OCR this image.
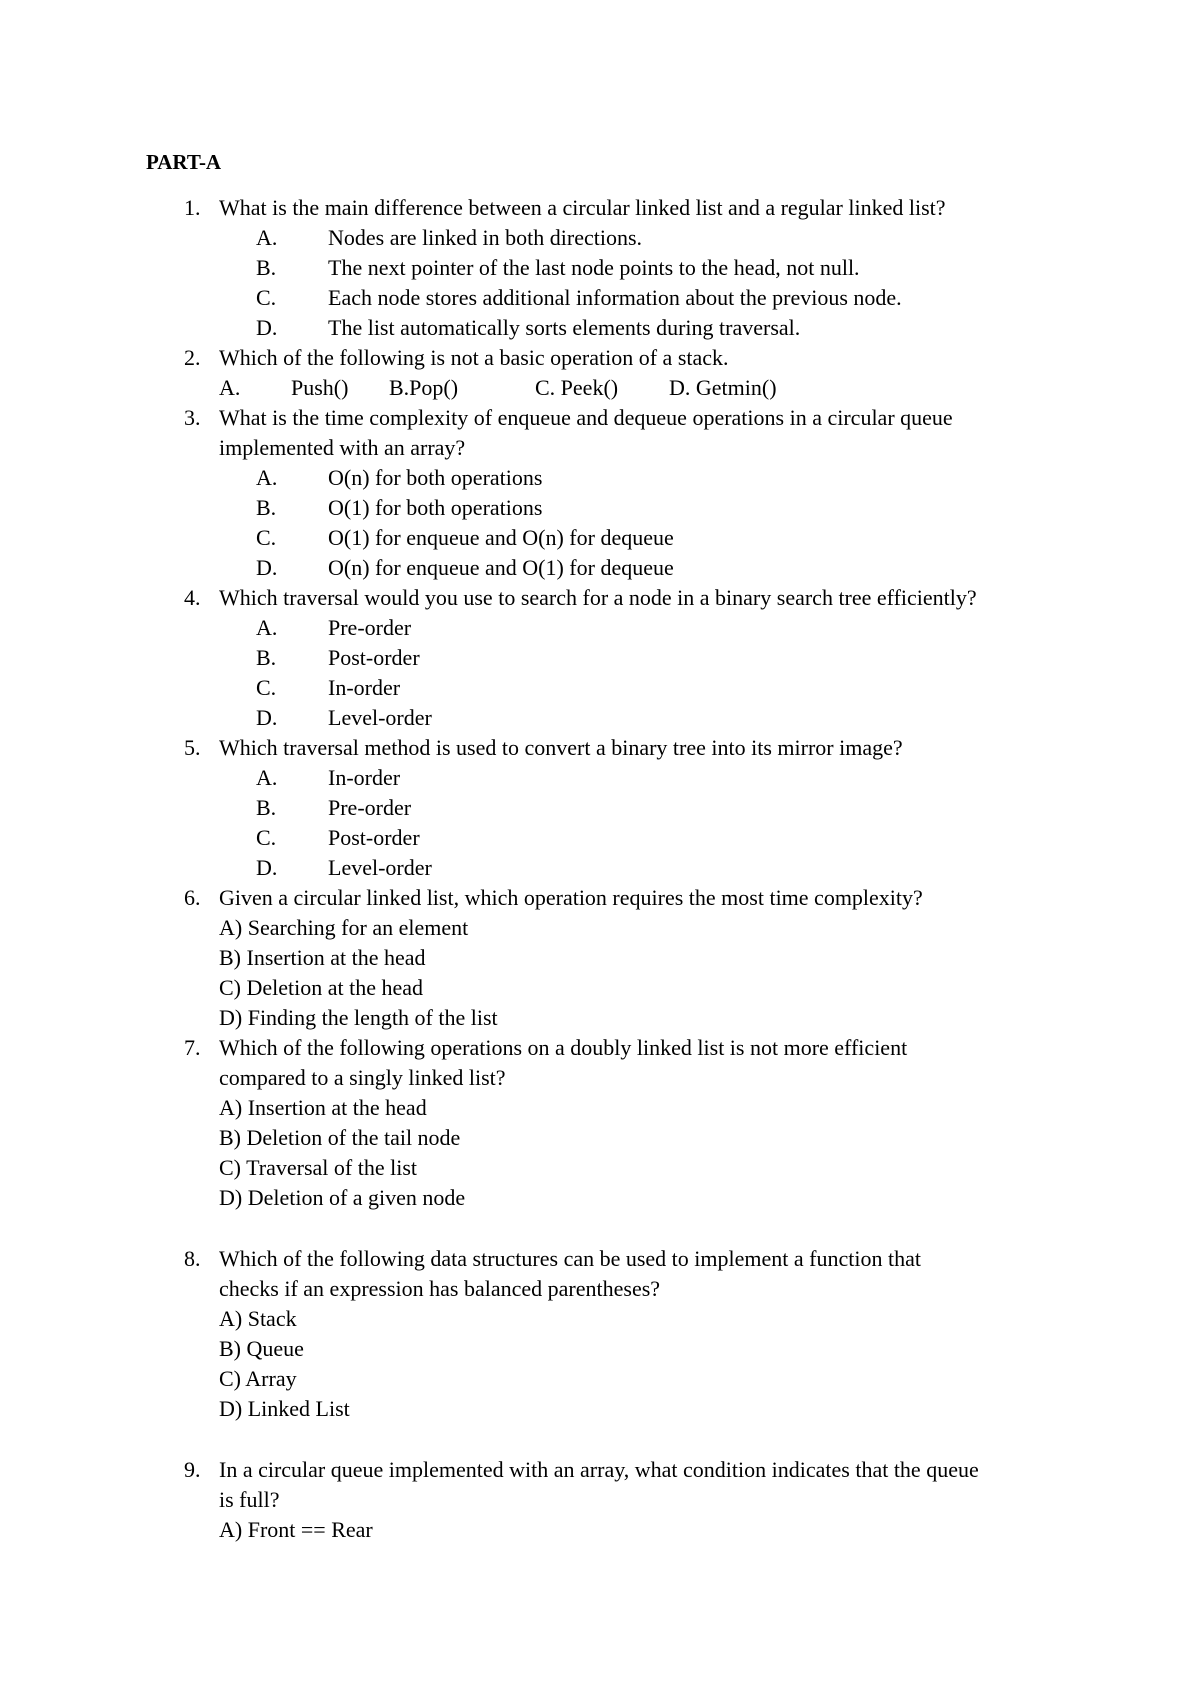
PART-A
1. What is the main difference between a circular linked list and a regular linked list?
A. Nodes are linked in both directions.
B. The next pointer of the last node points to the head, not null.
C. Each node stores additional information about the previous node.
D. The list automatically sorts elements during traversal.
2. Which of the following is not a basic operation of a stack.
A. Push() B.Pop()	C. Peek() D. Getmin()
3. What is the time complexity of enqueue and dequeue operations in a circular queue
implemented with an array?
A. O(n) for both operations
B. O(1) for both operations
C. O(1) for enqueue and O(n) for dequeue
D. O(n) for enqueue and O(1) for dequeue
4. Which traversal would you use to search for a node in a binary search tree efficiently?
A. Pre-order
B. Post-order
C. In-order
D. Level-order
5. Which traversal method is used to convert a binary tree into its mirror image?
A. In-order
B. Pre-order
C. Post-order
D. Level-order
6. Given a circular linked list, which operation requires the most time complexity?
A) Searching for an element
B) Insertion at the head
C) Deletion at the head
D) Finding the length of the list
7. Which of the following operations on a doubly linked list is not more efficient
compared to a singly linked list?
A) Insertion at the head
B) Deletion of the tail node
C) Traversal of the list
D) Deletion of a given node
8. Which of the following data structures can be used to implement a function that
checks if an expression has balanced parentheses?
A) Stack
B) Queue
C) Array
D) Linked List
9. In a circular queue implemented with an array, what condition indicates that the queue
is full?
A) Front == Rear
